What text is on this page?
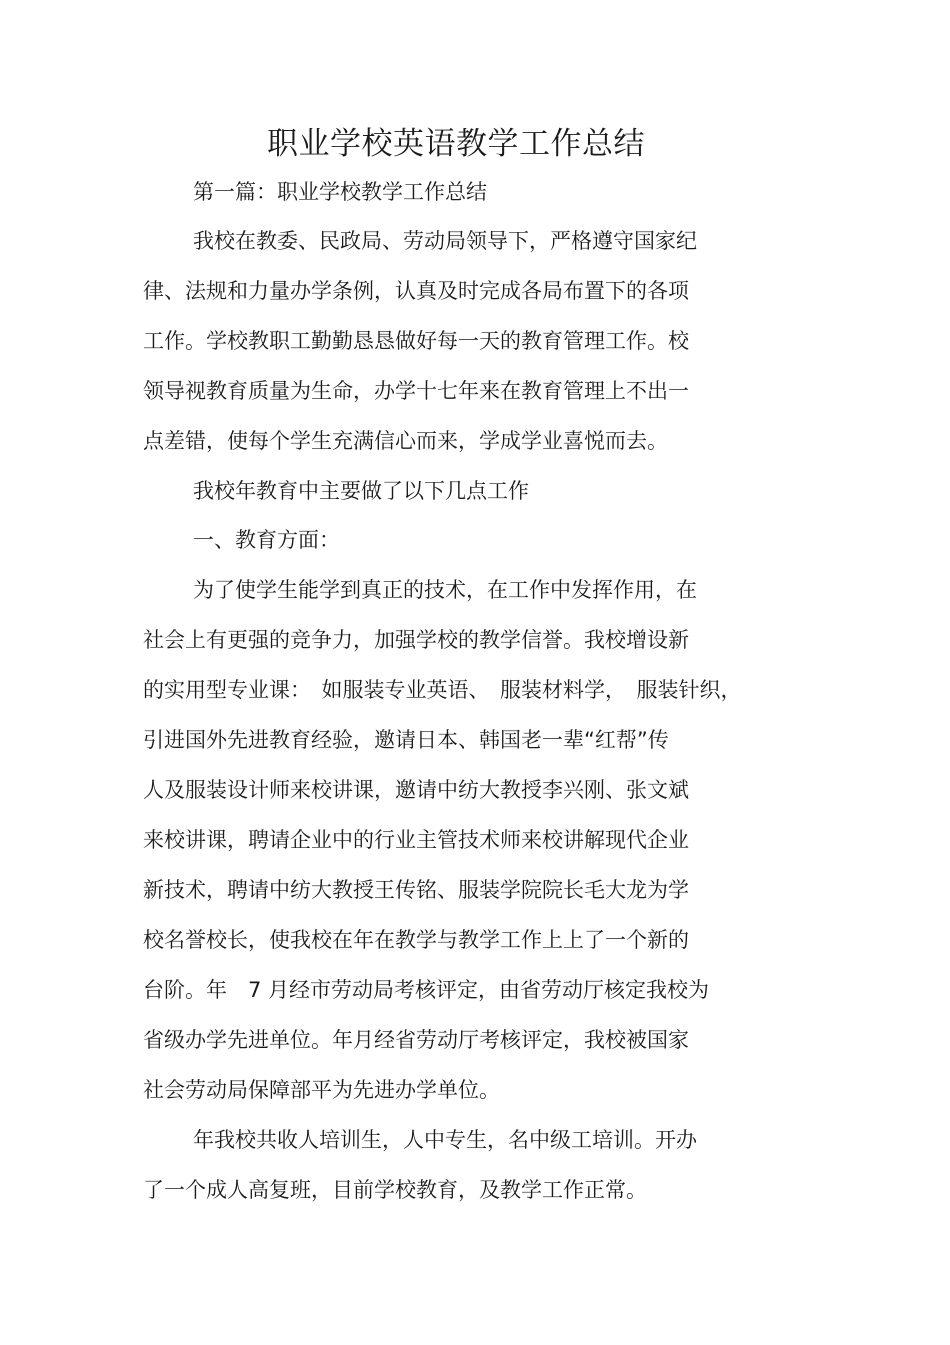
职业学校英语教学工作总结
第一篇：职业学校教学工作总结
我校在教委、民政局、劳动局领导下，严格遵守国家纪
律、法规和力量办学条例，认真及时完成各局布置下的各项
工作。学校教职工勤勤恳恳做好每一天的教育管理工作。校
领导视教育质量为生命，办学十七年来在教育管理上不出一
点差错，使每个学生充满信心而来，学成学业喜悦而去。
我校年教育中主要做了以下几点工作
一、教育方面：
为了使学生能学到真正的技术，在工作中发挥作用，在
社会上有更强的竞争力，加强学校的教学信誉。我校增设新
的实用型专业课：　如服装专业英语、　服装材料学，　服装针织，
引进国外先进教育经验，邀请日本、韩国老一辈“红帮”传
人及服装设计师来校讲课，邀请中纺大教授李兴刚、张文斌
来校讲课，聘请企业中的行业主管技术师来校讲解现代企业
新技术，聘请中纺大教授王传铭、服装学院院长毛大龙为学
校名誉校长，使我校在年在教学与教学工作上上了一个新的
台阶。年　7 月经市劳动局考核评定，由省劳动厅核定我校为
省级办学先进单位。年月经省劳动厅考核评定，我校被国家
社会劳动局保障部平为先进办学单位。
年我校共收人培训生，人中专生，名中级工培训。开办
了一个成人高复班，目前学校教育，及教学工作正常。
